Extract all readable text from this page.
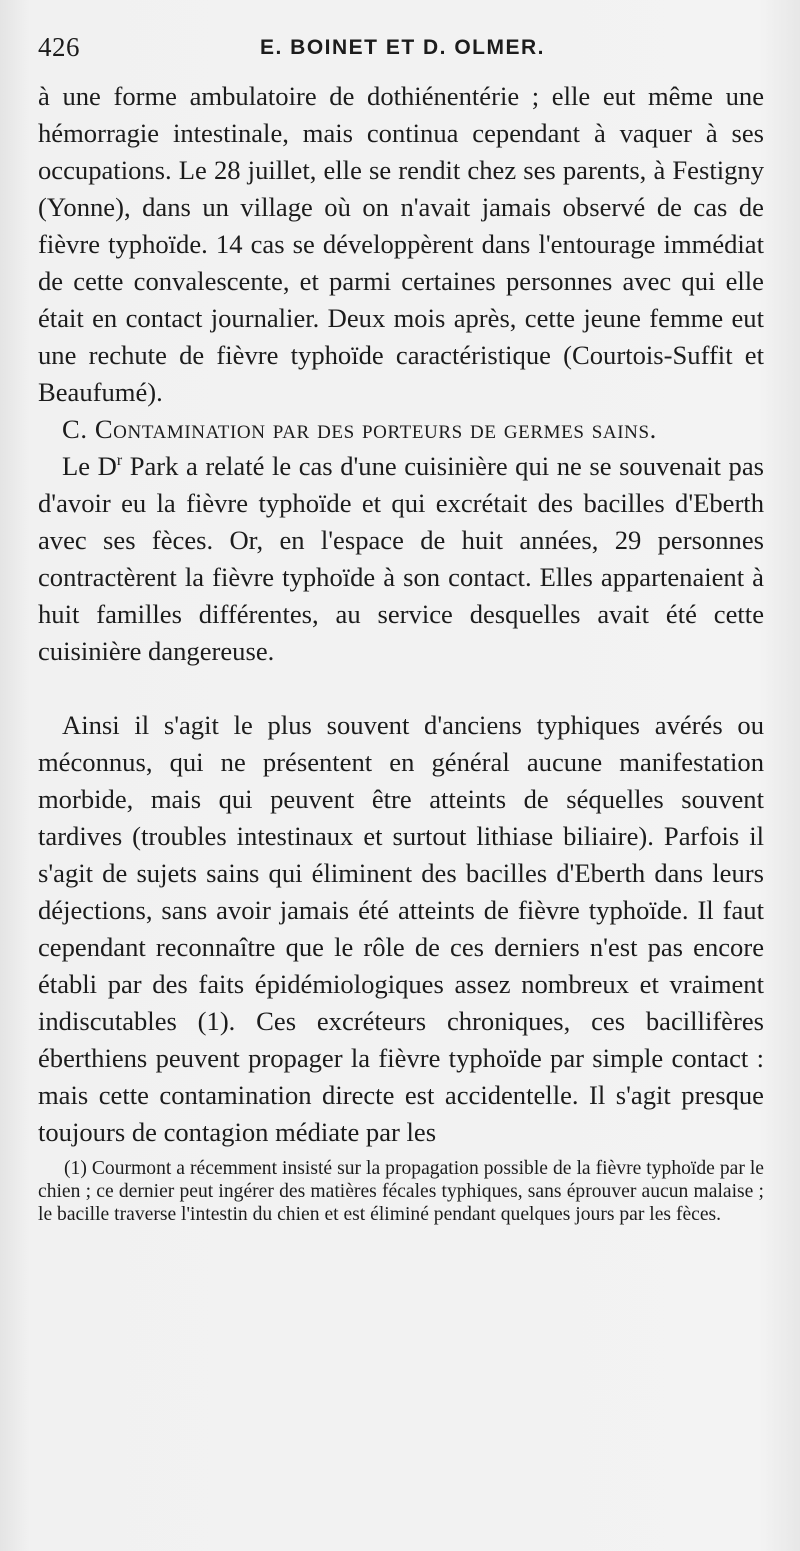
426	E. BOINET ET D. OLMER.

à une forme ambulatoire de dothiénentérie ; elle eut même une hémorragie intestinale, mais continua cependant à vaquer à ses occupations. Le 28 juillet, elle se rendit chez ses parents, à Festigny (Yonne), dans un village où on n'avait jamais observé de cas de fièvre typhoïde. 14 cas se développèrent dans l'entourage immédiat de cette convalescente, et parmi certaines personnes avec qui elle était en contact journalier. Deux mois après, cette jeune femme eut une rechute de fièvre typhoïde caractéristique (Courtois-Suffit et Beaufumé).

C. Contamination par des porteurs de germes sains.

Le $D^r$ Park a relaté le cas d'une cuisinière qui ne se souvenait pas d'avoir eu la fièvre typhoïde et qui excrétait des bacilles d'Eberth avec ses fèces. Or, en l'espace de huit années, 29 personnes contractèrent la fièvre typhoïde à son contact. Elles appartenaient à huit familles différentes, au service desquelles avait été cette cuisinière dangereuse.

Ainsi il s'agit le plus souvent d'anciens typhiques avérés ou méconnus, qui ne présentent en général aucune manifestation morbide, mais qui peuvent être atteints de séquelles souvent tardives (troubles intestinaux et surtout lithiase biliaire). Parfois il s'agit de sujets sains qui éliminent des bacilles d'Eberth dans leurs déjections, sans avoir jamais été atteints de fièvre typhoïde. Il faut cependant reconnaître que le rôle de ces derniers n'est pas encore établi par des faits épidémiologiques assez nombreux et vraiment indiscutables (1). Ces excréteurs chroniques, ces bacillifères éberthiens peuvent propager la fièvre typhoïde par simple contact : mais cette contamination directe est accidentelle. Il s'agit presque toujours de contagion médiate par les

(1) Courmont a récemment insisté sur la propagation possible de la fièvre typhoïde par le chien ; ce dernier peut ingérer des matières fécales typhiques, sans éprouver aucun malaise ; le bacille traverse l'intestin du chien et est éliminé pendant quelques jours par les fèces.
